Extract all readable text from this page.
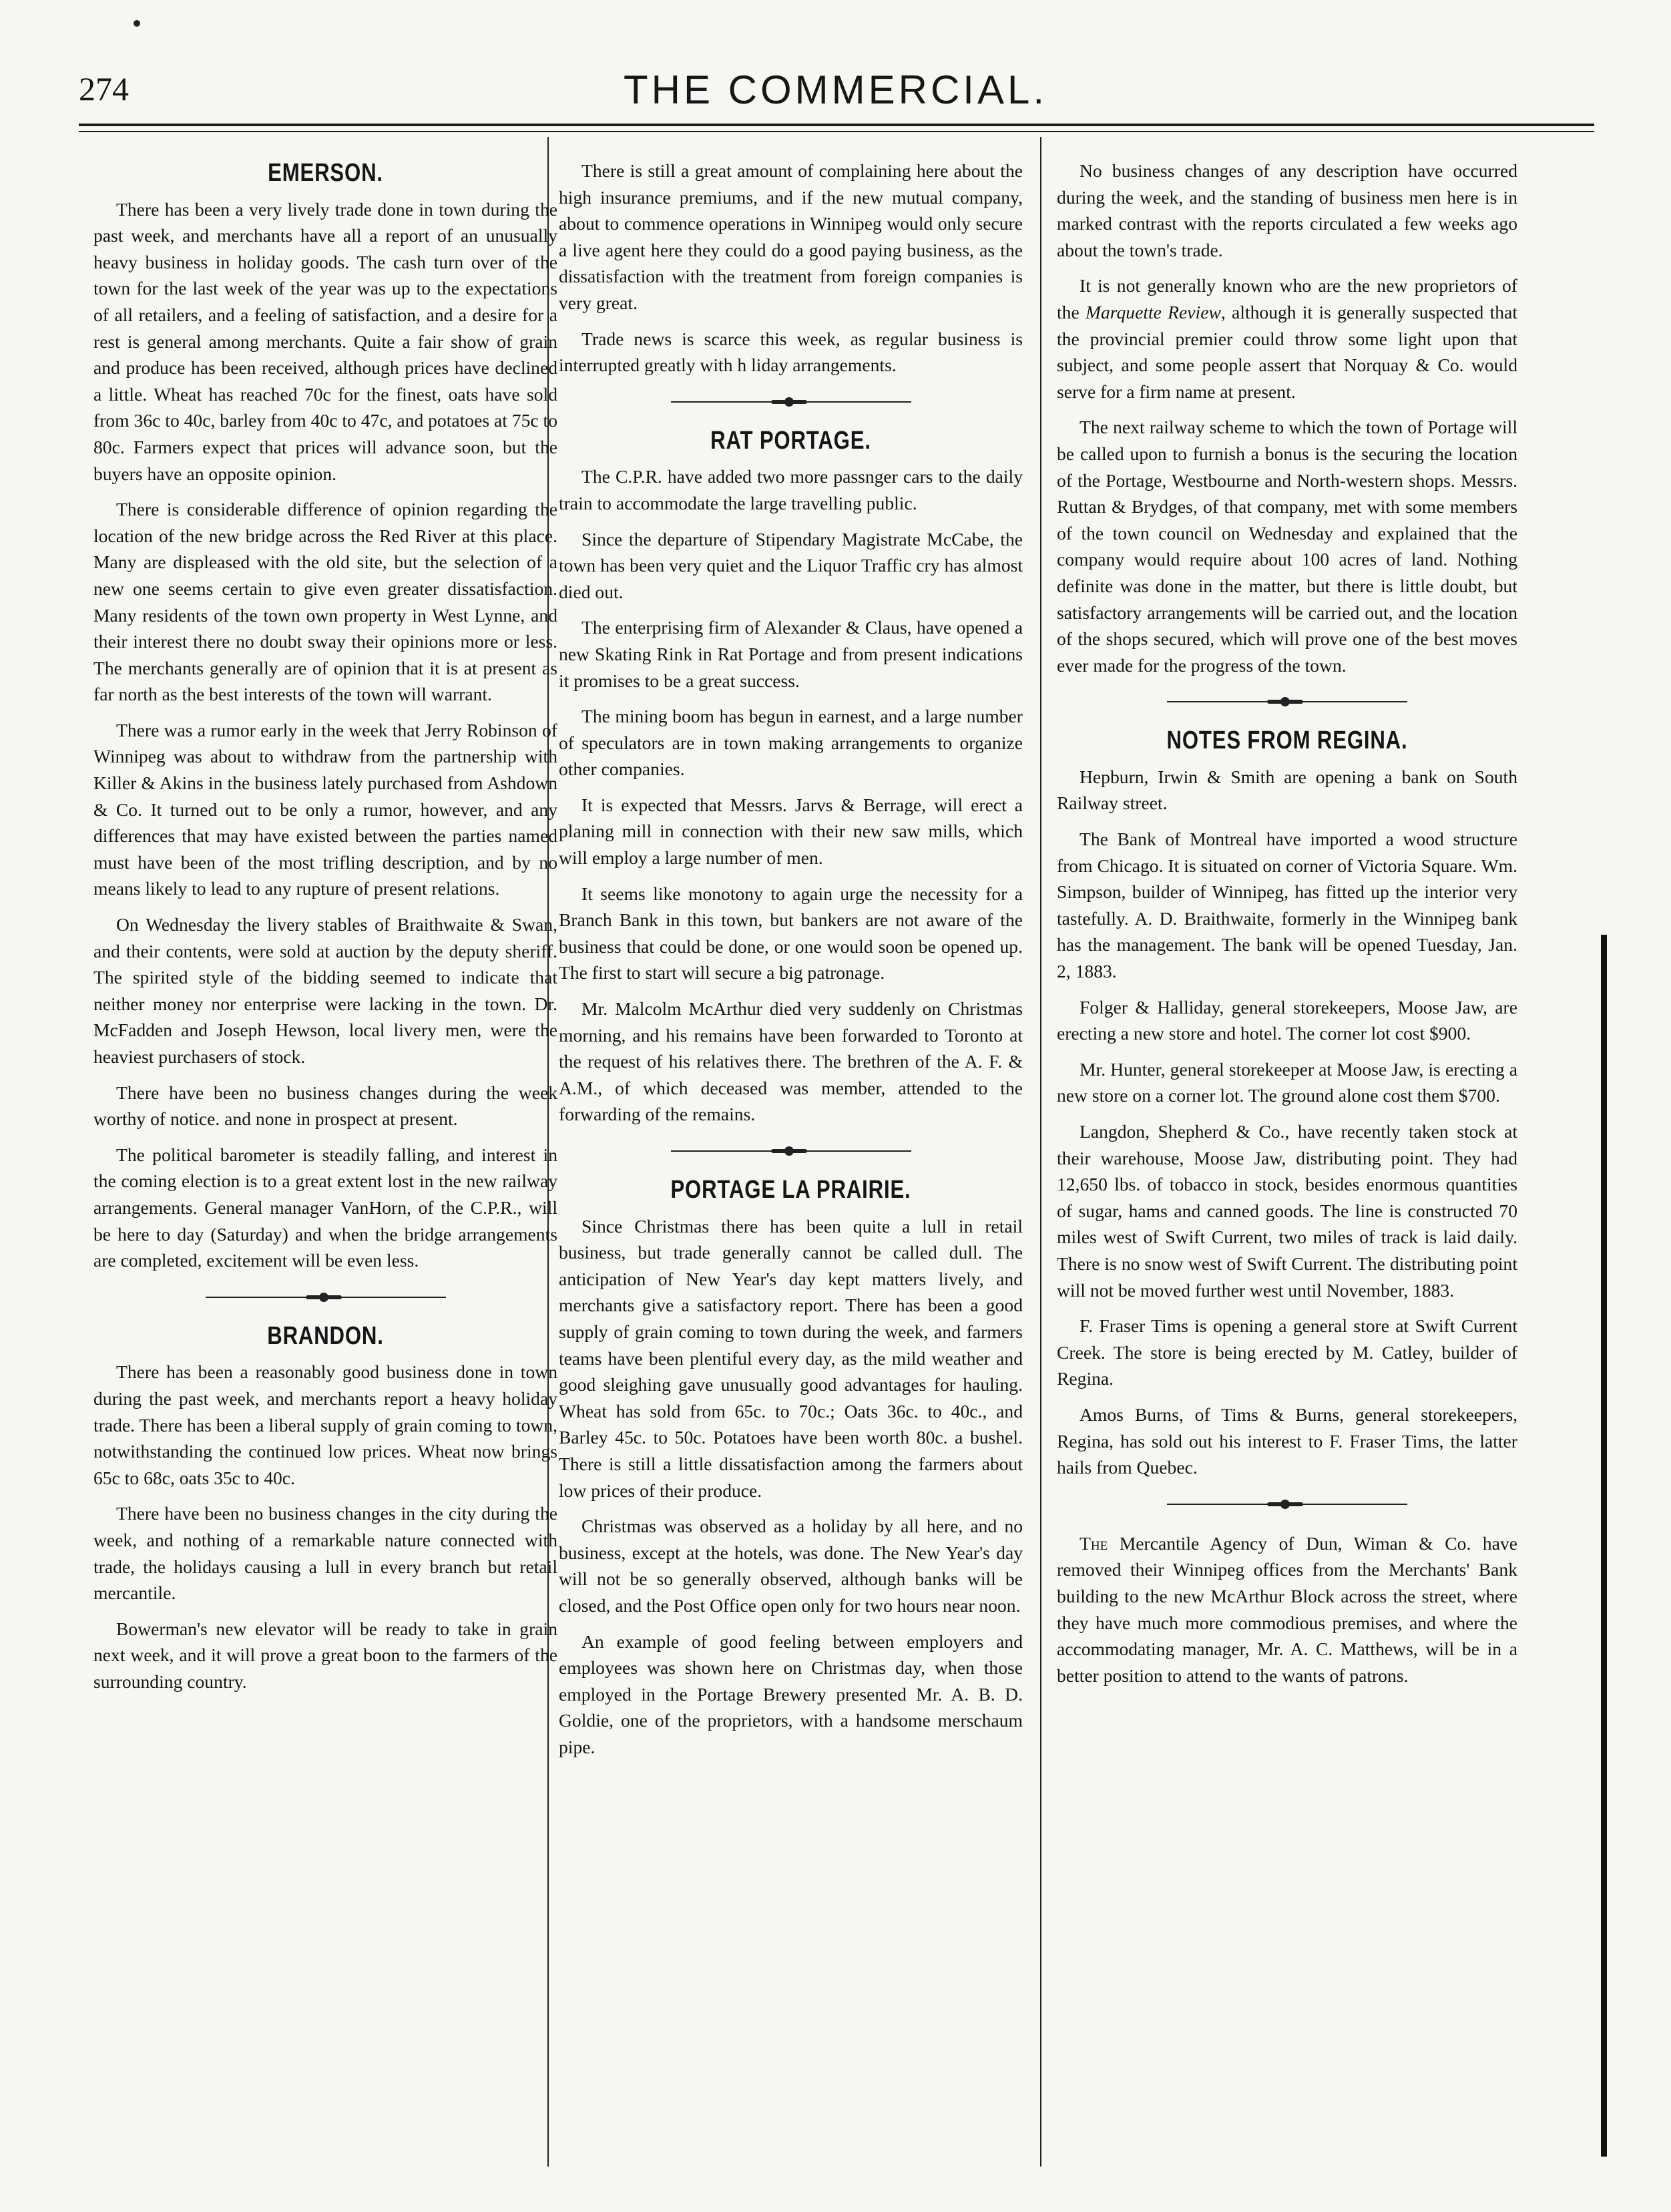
274	THE COMMERCIAL.
EMERSON.

There has been a very lively trade done in town during the past week, and merchants have all a report of an unusually heavy business in holiday goods. The cash turn over of the town for the last week of the year was up to the expectations of all retailers, and a feeling of satisfaction, and a desire for a rest is general among merchants. Quite a fair show of grain and produce has been received, although prices have declined a little. Wheat has reached 70c for the finest, oats have sold from 36c to 40c, barley from 40c to 47c, and potatoes at 75c to 80c. Farmers expect that prices will advance soon, but the buyers have an opposite opinion.

There is considerable difference of opinion regarding the location of the new bridge across the Red River at this place. Many are displeased with the old site, but the selection of a new one seems certain to give even greater dissatisfaction. Many residents of the town own property in West Lynne, and their interest there no doubt sway their opinions more or less. The merchants generally are of opinion that it is at present as far north as the best interests of the town will warrant.

There was a rumor early in the week that Jerry Robinson of Winnipeg was about to withdraw from the partnership with Killer & Akins in the business lately purchased from Ashdown & Co. It turned out to be only a rumor, however, and any differences that may have existed between the parties named must have been of the most trifling description, and by no means likely to lead to any rupture of present relations.

On Wednesday the livery stables of Braithwaite & Swan, and their contents, were sold at auction by the deputy sheriff. The spirited style of the bidding seemed to indicate that neither money nor enterprise were lacking in the town. Dr. McFadden and Joseph Hewson, local livery men, were the heaviest purchasers of stock.

There have been no business changes during the week worthy of notice. and none in prospect at present.

The political barometer is steadily falling, and interest in the coming election is to a great extent lost in the new railway arrangements. General manager VanHorn, of the C.P.R., will be here to day (Saturday) and when the bridge arrangements are completed, excitement will be even less.

BRANDON.

There has been a reasonably good business done in town during the past week, and merchants report a heavy holiday trade. There has been a liberal supply of grain coming to town, notwithstanding the continued low prices. Wheat now brings 65c to 68c, oats 35c to 40c.

There have been no business changes in the city during the week, and nothing of a remarkable nature connected with trade, the holidays causing a lull in every branch but retail mercantile.

Bowerman's new elevator will be ready to take in grain next week, and it will prove a great boon to the farmers of the surrounding country.

There is still a great amount of complaining here about the high insurance premiums, and if the new mutual company, about to commence operations in Winnipeg would only secure a live agent here they could do a good paying business, as the dissatisfaction with the treatment from foreign companies is very great.

Trade news is scarce this week, as regular business is interrupted greatly with h liday arrangements.

RAT PORTAGE.

The C.P.R. have added two more passnger cars to the daily train to accommodate the large travelling public.

Since the departure of Stipendary Magistrate McCabe, the town has been very quiet and the Liquor Traffic cry has almost died out.

The enterprising firm of Alexander & Claus, have opened a new Skating Rink in Rat Portage and from present indications it promises to be a great success.

The mining boom has begun in earnest, and a large number of speculators are in town making arrangements to organize other companies.

It is expected that Messrs. Jarvs & Berrage, will erect a planing mill in connection with their new saw mills, which will employ a large number of men.

It seems like monotony to again urge the necessity for a Branch Bank in this town, but bankers are not aware of the business that could be done, or one would soon be opened up. The first to start will secure a big patronage.

Mr. Malcolm McArthur died very suddenly on Christmas morning, and his remains have been forwarded to Toronto at the request of his relatives there. The brethren of the A. F. & A.M., of which deceased was member, attended to the forwarding of the remains.

PORTAGE LA PRAIRIE.

Since Christmas there has been quite a lull in retail business, but trade generally cannot be called dull. The anticipation of New Year's day kept matters lively, and merchants give a satisfactory report. There has been a good supply of grain coming to town during the week, and farmers teams have been plentiful every day, as the mild weather and good sleighing gave unusually good advantages for hauling. Wheat has sold from 65c. to 70c.; Oats 36c. to 40c., and Barley 45c. to 50c. Potatoes have been worth 80c. a bushel. There is still a little dissatisfaction among the farmers about low prices of their produce.

Christmas was observed as a holiday by all here, and no business, except at the hotels, was done. The New Year's day will not be so generally observed, although banks will be closed, and the Post Office open only for two hours near noon.

An example of good feeling between employers and employees was shown here on Christmas day, when those employed in the Portage Brewery presented Mr. A. B. D. Goldie, one of the proprietors, with a handsome merschaum pipe.

No business changes of any description have occurred during the week, and the standing of business men here is in marked contrast with the reports circulated a few weeks ago about the town's trade.

It is not generally known who are the new proprietors of the Marquette Review, although it is generally suspected that the provincial premier could throw some light upon that subject, and some people assert that Norquay & Co. would serve for a firm name at present.

The next railway scheme to which the town of Portage will be called upon to furnish a bonus is the securing the location of the Portage, Westbourne and North-western shops. Messrs. Ruttan & Brydges, of that company, met with some members of the town council on Wednesday and explained that the company would require about 100 acres of land. Nothing definite was done in the matter, but there is little doubt, but satisfactory arrangements will be carried out, and the location of the shops secured, which will prove one of the best moves ever made for the progress of the town.

NOTES FROM REGINA.

Hepburn, Irwin & Smith are opening a bank on South Railway street.

The Bank of Montreal have imported a wood structure from Chicago. It is situated on corner of Victoria Square. Wm. Simpson, builder of Winnipeg, has fitted up the interior very tastefully. A. D. Braithwaite, formerly in the Winnipeg bank has the management. The bank will be opened Tuesday, Jan. 2, 1883.

Folger & Halliday, general storekeepers, Moose Jaw, are erecting a new store and hotel. The corner lot cost $900.

Mr. Hunter, general storekeeper at Moose Jaw, is erecting a new store on a corner lot. The ground alone cost them $700.

Langdon, Shepherd & Co., have recently taken stock at their warehouse, Moose Jaw, distributing point. They had 12,650 lbs. of tobacco in stock, besides enormous quantities of sugar, hams and canned goods. The line is constructed 70 miles west of Swift Current, two miles of track is laid daily. There is no snow west of Swift Current. The distributing point will not be moved further west until November, 1883.

F. Fraser Tims is opening a general store at Swift Current Creek. The store is being erected by M. Catley, builder of Regina.

Amos Burns, of Tims & Burns, general storekeepers, Regina, has sold out his interest to F. Fraser Tims, the latter hails from Quebec.

The Mercantile Agency of Dun, Wiman & Co. have removed their Winnipeg offices from the Merchants' Bank building to the new McArthur Block across the street, where they have much more commodious premises, and where the accommodating manager, Mr. A. C. Matthews, will be in a better position to attend to the wants of patrons.
